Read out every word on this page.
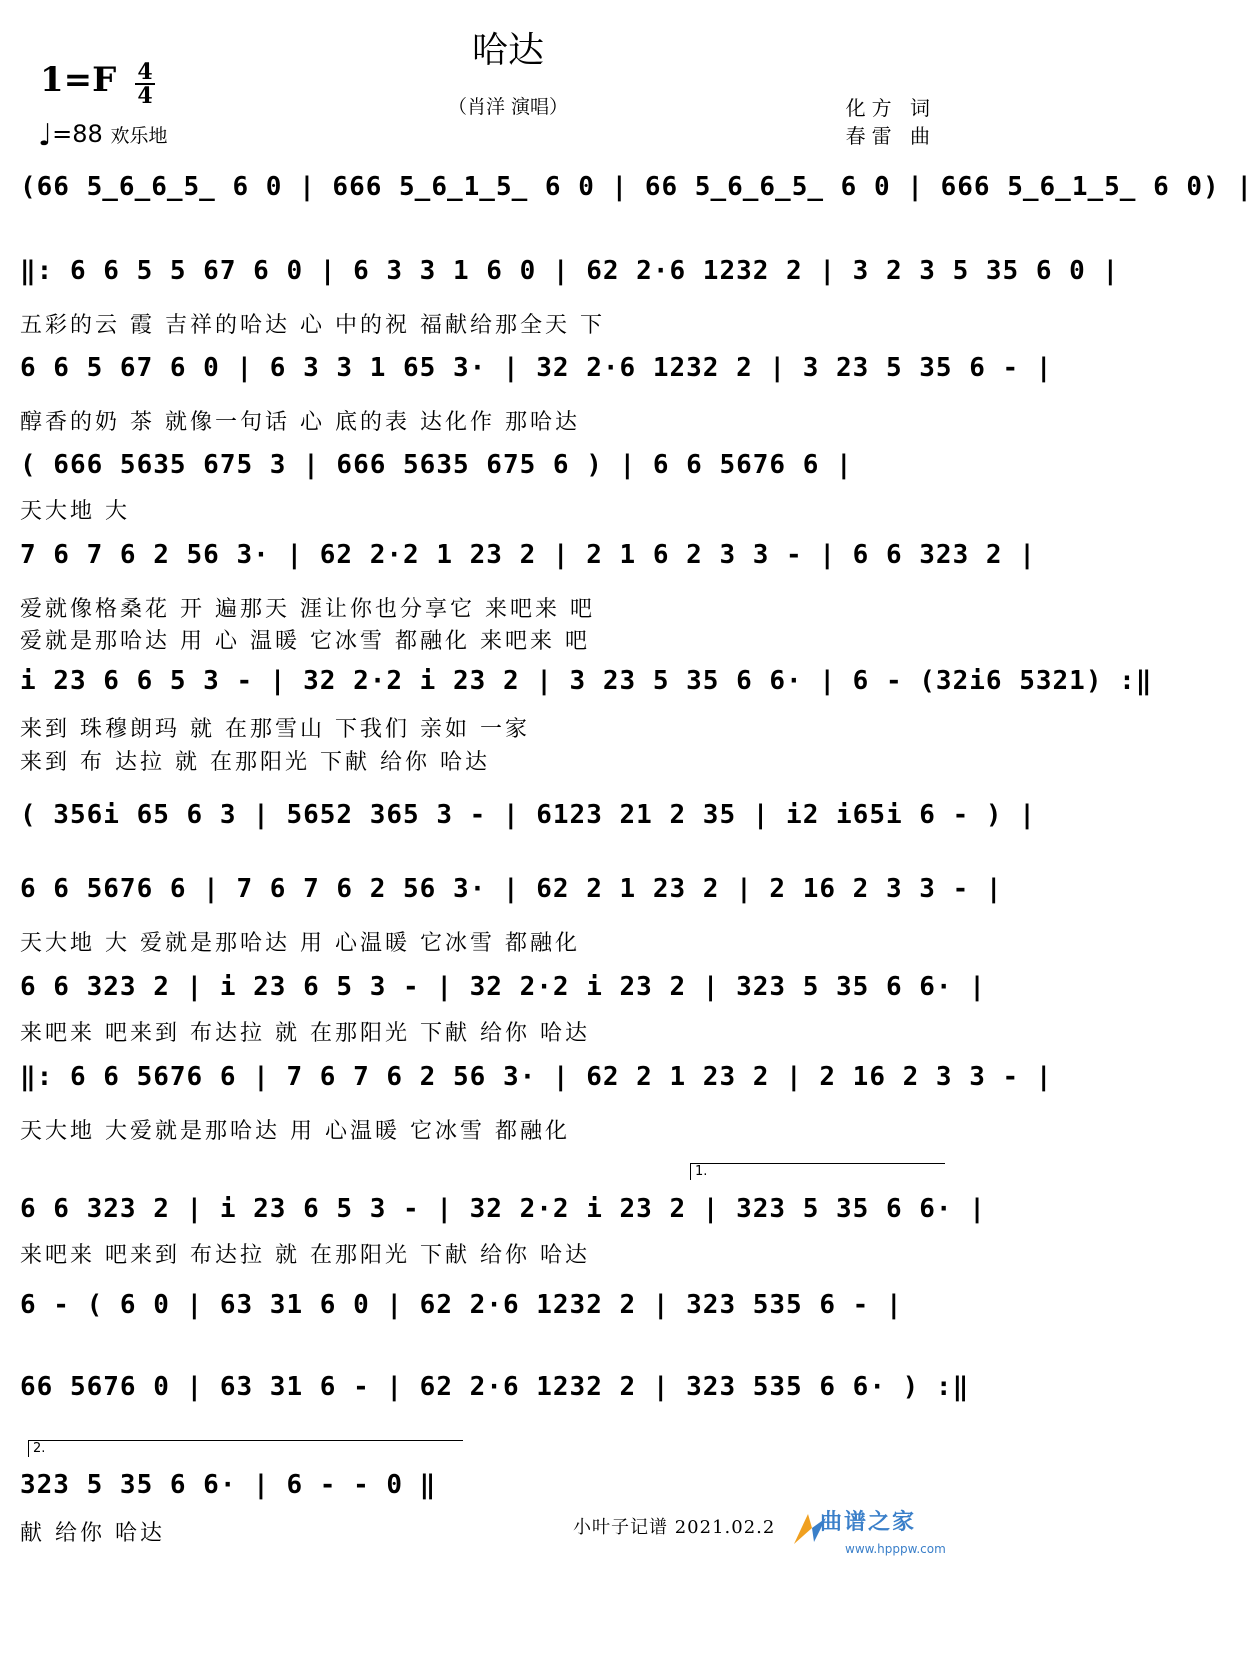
哈达
（肖洋 演唱）
1=F 4
4
♩=88 欢乐地
化方 词
春雷 曲
(66 5̲6̲6̲5̲ 6 0 | 666 5̲6̲1̲5̲ 6 0 | 66 5̲6̲6̲5̲ 6 0 | 666 5̲6̲1̲5̲ 6 0) |
‖: 6 6 5 5 67 6 0 | 6 3 3 1 6 0 | 62 2·6 1232 2 | 3 2 3 5 35 6 0 |
五彩的云 霞 吉祥的哈达 心 中的祝 福献给那全天 下
6 6 5 67 6 0 | 6 3 3 1 65 3· | 32 2·6 1232 2 | 3 23 5 35 6 - |
醇香的奶 茶 就像一句话 心 底的表 达化作 那哈达
( 666 5635 675 3 | 666 5635 675 6 ) | 6 6 5676 6 |
天大地 大
7 6 7 6 2 56 3· | 62 2·2 1 23 2 | 2 1 6 2 3 3 - | 6 6 323 2 |
爱就像格桑花 开 遍那天 涯让你也分享它 来吧来 吧
爱就是那哈达 用 心 温暖 它冰雪 都融化 来吧来 吧
i 23 6 6 5 3 - | 32 2·2 i 23 2 | 3 23 5 35 6 6· | 6 - (32i6 5321) :‖
来到 珠穆朗玛 就 在那雪山 下我们 亲如 一家
来到 布 达拉 就 在那阳光 下献 给你 哈达
( 356i 65 6 3 | 5652 365 3 - | 6123 21 2 35 | i2 i65i 6 - ) |
6 6 5676 6 | 7 6 7 6 2 56 3· | 62 2 1 23 2 | 2 16 2 3 3 - |
天大地 大 爱就是那哈达 用 心温暖 它冰雪 都融化
6 6 323 2 | i 23 6 5 3 - | 32 2·2 i 23 2 | 323 5 35 6 6· |
来吧来 吧来到 布达拉 就 在那阳光 下献 给你 哈达
‖: 6 6 5676 6 | 7 6 7 6 2 56 3· | 62 2 1 23 2 | 2 16 2 3 3 - |
天大地 大爱就是那哈达 用 心温暖 它冰雪 都融化
1.
6 6 323 2 | i 23 6 5 3 - | 32 2·2 i 23 2 | 323 5 35 6 6· |
来吧来 吧来到 布达拉 就 在那阳光 下献 给你 哈达
6 - ( 6 0 | 63 31 6 0 | 62 2·6 1232 2 | 323 535 6 - |
66 5676 0 | 63 31 6 - | 62 2·6 1232 2 | 323 535 6 6· ) :‖
2.
323 5 35 6 6· | 6 - - 0 ‖
献 给你 哈达	小叶子记谱 2021.02.2 曲谱之家
www.hpppw.com
